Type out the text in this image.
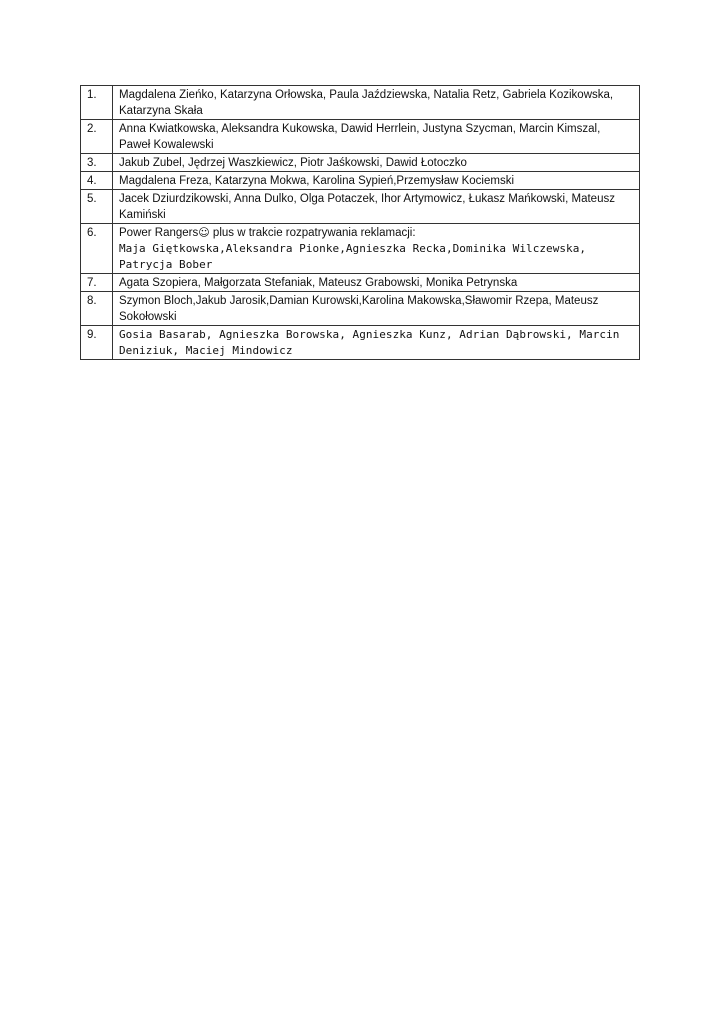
1.	Magdalena Zieńko, Katarzyna Orłowska, Paula Jaździewska, Natalia Retz, Gabriela Kozikowska, Katarzyna Skała
2.	Anna Kwiatkowska, Aleksandra Kukowska, Dawid Herrlein, Justyna Szycman, Marcin Kimszal, Paweł Kowalewski
3.	Jakub Zubel, Jędrzej Waszkiewicz, Piotr Jaśkowski, Dawid Łotoczko
4.	Magdalena Freza, Katarzyna Mokwa, Karolina Sypień,Przemysław Kociemski
5.	Jacek Dziurdzikowski, Anna Dulko, Olga Potaczek, Ihor Artymowicz, Łukasz Mańkowski, Mateusz Kamiński
6.	Power Rangers☺ plus w trakcie rozpatrywania reklamacji:
Maja Giętkowska,Aleksandra Pionke,Agnieszka Recka,Dominika Wilczewska, Patrycja Bober

7.	Agata Szopiera, Małgorzata Stefaniak, Mateusz Grabowski, Monika Petrynska
8.	Szymon Bloch,Jakub Jarosik,Damian Kurowski,Karolina Makowska,Sławomir Rzepa, Mateusz Sokołowski
9.	Gosia Basarab, Agnieszka Borowska, Agnieszka Kunz, Adrian Dąbrowski, Marcin Deniziuk, Maciej Mindowicz
